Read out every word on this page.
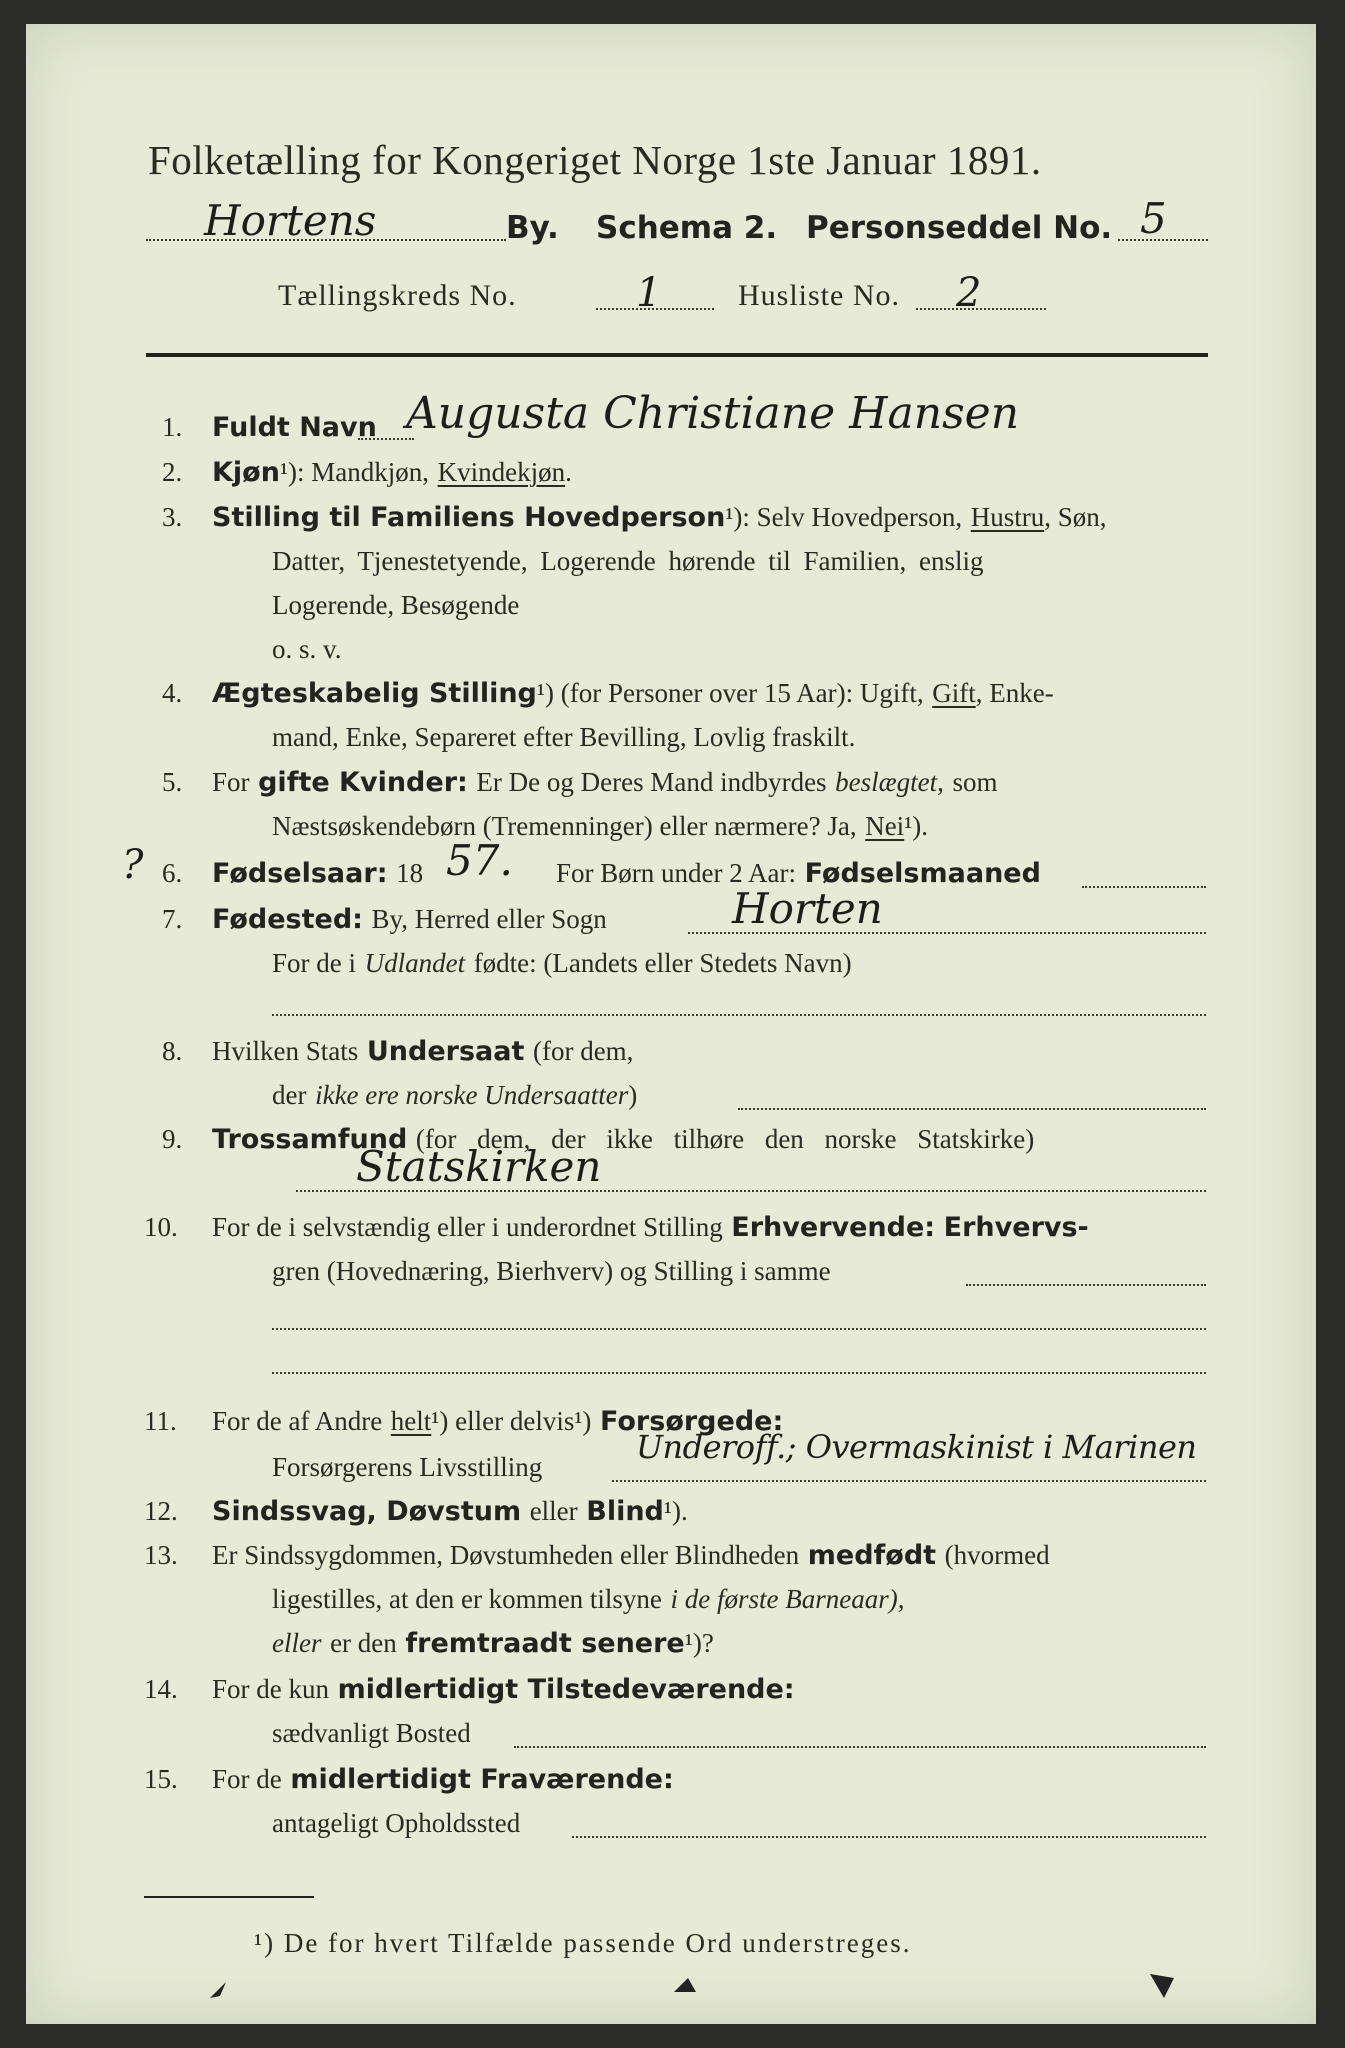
Folketælling for Kongeriget Norge 1ste Januar 1891.
Hortens	By. Schema 2. Personseddel No. 5
Tællingskreds No.	1	Husliste No. 2
1. Fuldt Navn Augusta Christiane Hansen
2. Kjøn¹): Mandkjøn, Kvindekjøn.
3. Stilling til Familiens Hovedperson¹): Selv Hovedperson, Hustru, Søn,
Datter, Tjenestetyende, Logerende hørende til Familien, enslig
Logerende, Besøgende
o. s. v.
4. Ægteskabelig Stilling¹) (for Personer over 15 Aar): Ugift, Gift, Enke-
mand, Enke, Separeret efter Bevilling, Lovlig fraskilt.
5. For gifte Kvinder: Er De og Deres Mand indbyrdes beslægtet, som
Næstsøskendebørn (Tremenninger) eller nærmere? Ja, Nei¹).
? 6. Fødselsaar: 18 57. For Børn under 2 Aar: Fødselsmaaned
7. Fødested: By, Herred eller Sogn	Horten
For de i Udlandet fødte: (Landets eller Stedets Navn)
8. Hvilken Stats Undersaat (for dem,
der ikke ere norske Undersaatter)
9. Trossamfund (for dem, der ikke tilhøre den norske Statskirke)
Statskirken
10. For de i selvstændig eller i underordnet Stilling Erhvervende: Erhvervs-
gren (Hovednæring, Bierhverv) og Stilling i samme
11. For de af Andre helt¹) eller delvis¹) Forsørgede:
Forsørgerens Livsstilling
Underoff.; Overmaskinist i Marinen
12. Sindssvag, Døvstum eller Blind¹).
13. Er Sindssygdommen, Døvstumheden eller Blindheden medfødt (hvormed
ligestilles, at den er kommen tilsyne i de første Barneaar),
eller er den fremtraadt senere¹)?
14. For de kun midlertidigt Tilstedeværende:
sædvanligt Bosted
15. For de midlertidigt Fraværende:
antageligt Opholdssted
¹) De for hvert Tilfælde passende Ord understreges.
